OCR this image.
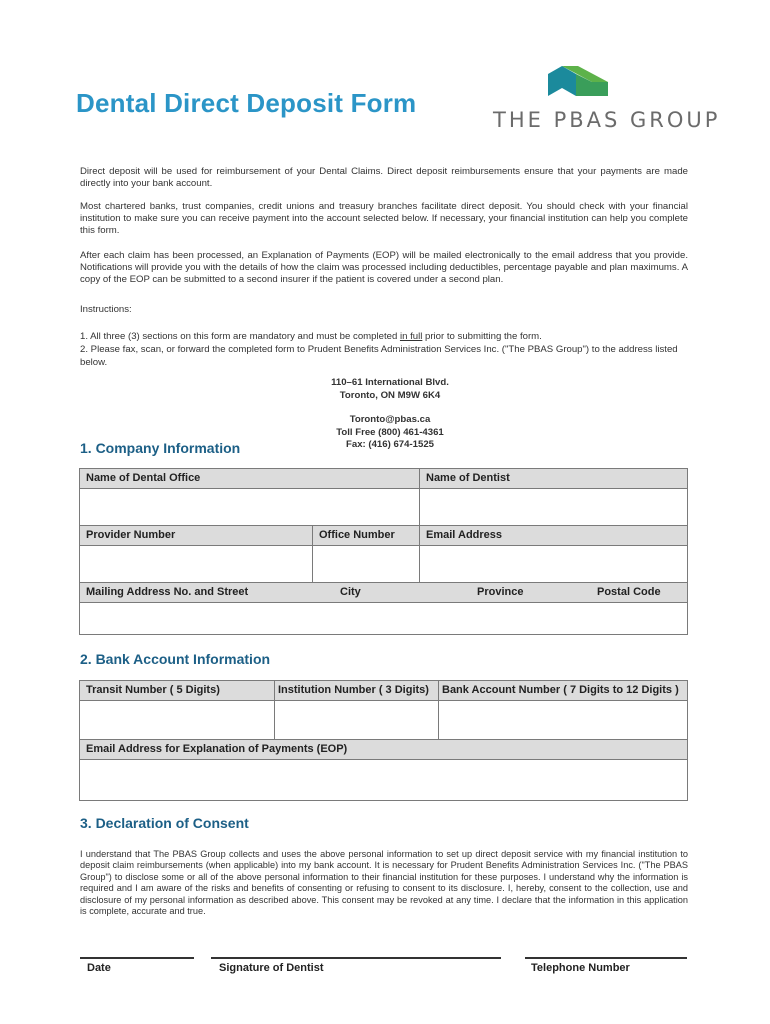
Dental Direct Deposit Form
THE PBAS GROUP
Direct deposit will be used for reimbursement of your Dental Claims. Direct deposit reimbursements ensure that your payments are made directly into your bank account.
Most chartered banks, trust companies, credit unions and treasury branches facilitate direct deposit. You should check with your financial institution to make sure you can receive payment into the account selected below. If necessary, your financial institution can help you complete this form.
After each claim has been processed, an Explanation of Payments (EOP) will be mailed electronically to the email address that you provide. Notifications will provide you with the details of how the claim was processed including deductibles, percentage payable and plan maximums. A copy of the EOP can be submitted to a second insurer if the patient is covered under a second plan.
Instructions:
1. All three (3) sections on this form are mandatory and must be completed in full prior to submitting the form.
2. Please fax, scan, or forward the completed form to Prudent Benefits Administration Services Inc. ("The PBAS Group") to the address listed below.
110–61 International Blvd.
Toronto, ON M9W 6K4
Toronto@pbas.ca
Toll Free (800) 461-4361
Fax: (416) 674-1525
1. Company Information
Name of Dental Office	Name of Dentist
Provider Number	Office Number	Email Address
Mailing Address No. and Street	City	Province	Postal Code
2. Bank Account Information
Transit Number ( 5 Digits)	Institution Number ( 3 Digits)	Bank Account Number ( 7 Digits to 12 Digits )
Email Address for Explanation of Payments (EOP)
3. Declaration of Consent
I understand that The PBAS Group collects and uses the above personal information to set up direct deposit service with my financial institution to deposit claim reimbursements (when applicable) into my bank account. It is necessary for Prudent Benefits Administration Services Inc. ("The PBAS Group") to disclose some or all of the above personal information to their financial institution for these purposes. I understand why the information is required and I am aware of the risks and benefits of consenting or refusing to consent to its disclosure. I, hereby, consent to the collection, use and disclosure of my personal information as described above. This consent may be revoked at any time. I declare that the information in this application is complete, accurate and true.
Date	Signature of Dentist	Telephone Number
